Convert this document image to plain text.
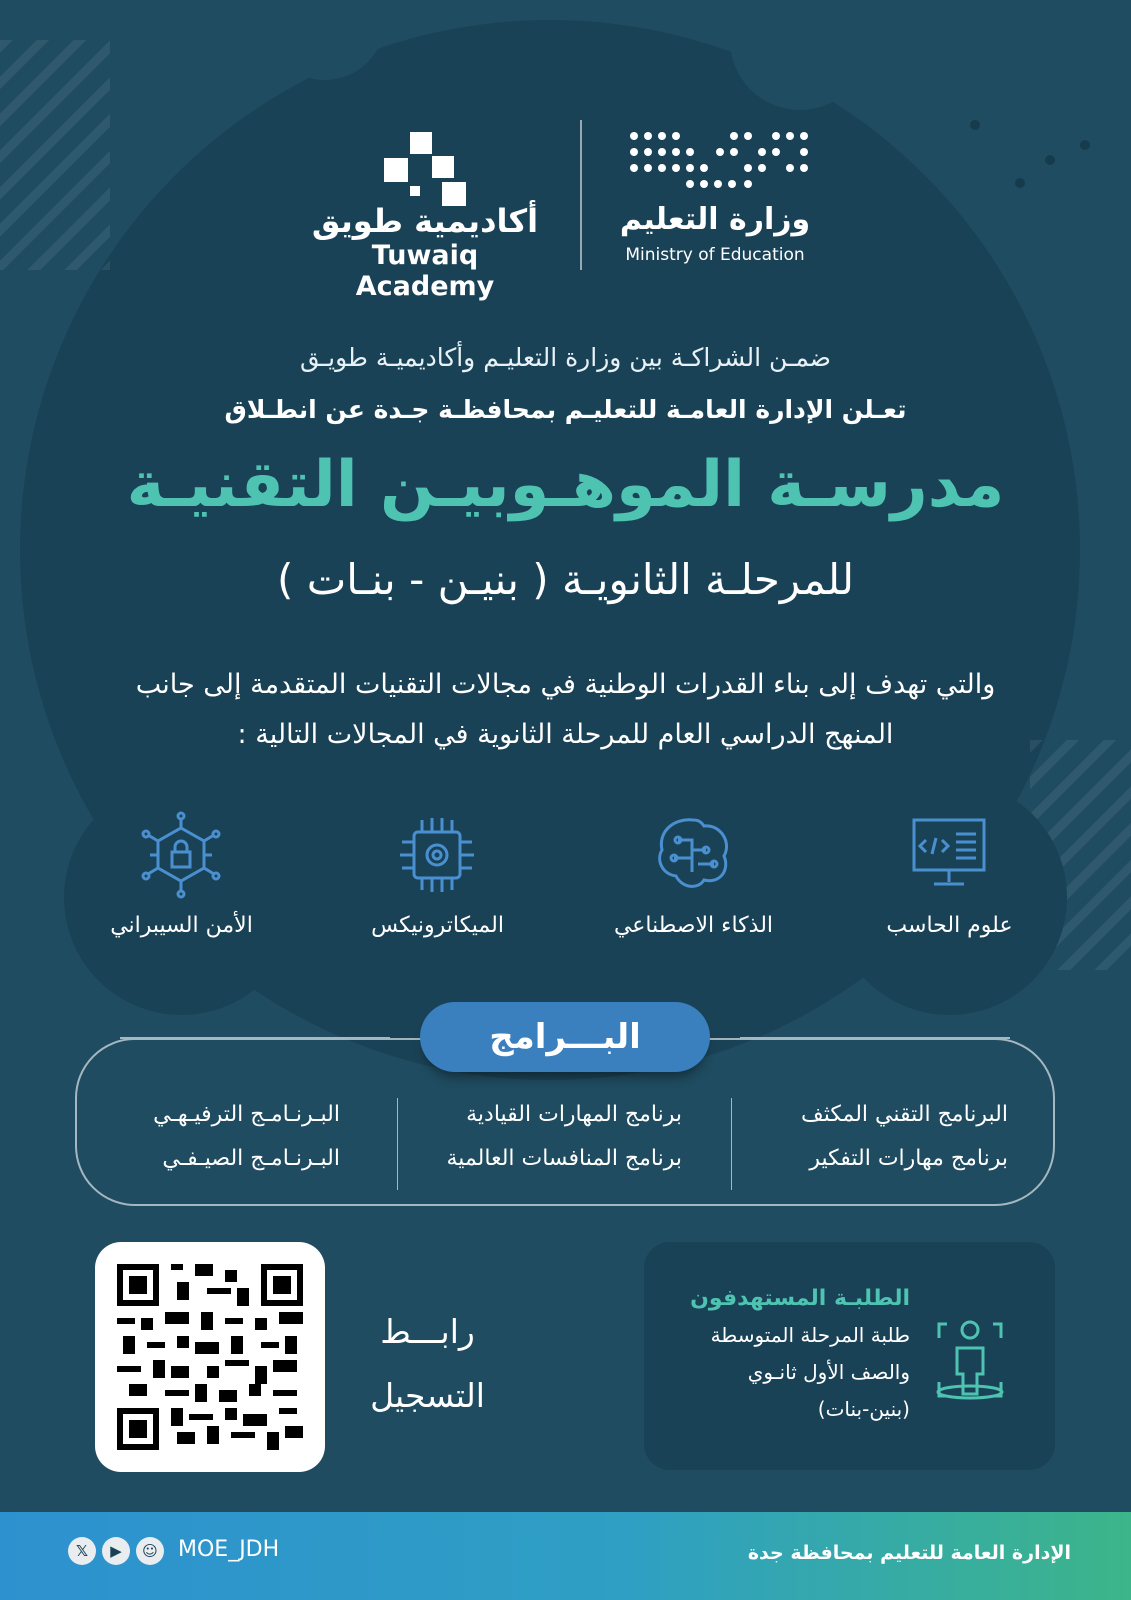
وزارة التعليم
Ministry of Education
أكاديمية طويق
Tuwaiq Academy
ضمـن الشراكـة بين وزارة التعليـم وأكاديميـة طويـق
تعـلن الإدارة العامـة للتعليـم بمحافظـة جـدة عن انطـلاق
مدرسـة الموهـوبيـن التقنيـة
للمرحلـة الثانويـة ( بنيـن - بنـات )
والتي تهدف إلى بناء القدرات الوطنية في مجالات التقنيات المتقدمة إلى جانب
المنهج الدراسي العام للمرحلة الثانوية في المجالات التالية :
علوم الحاسب
الذكاء الاصطناعي
الميكاترونيكس
الأمن السيبراني
البـــرامج
البرنامج التقني المكثف
برنامج مهارات التفكير
برنامج المهارات القيادية
برنامج المنافسات العالمية
البـرنـامـج الترفيـهـي
البـرنـامـج الصيـفـي
رابـــط
التسجيل
الطلبـة المستهدفون
طلبة المرحلة المتوسطة
والصف الأول ثانـوي
(بنين-بنات)
𝕏	▶	☺ MOE_JDH	الإدارة العامة للتعليم بمحافظة جدة
